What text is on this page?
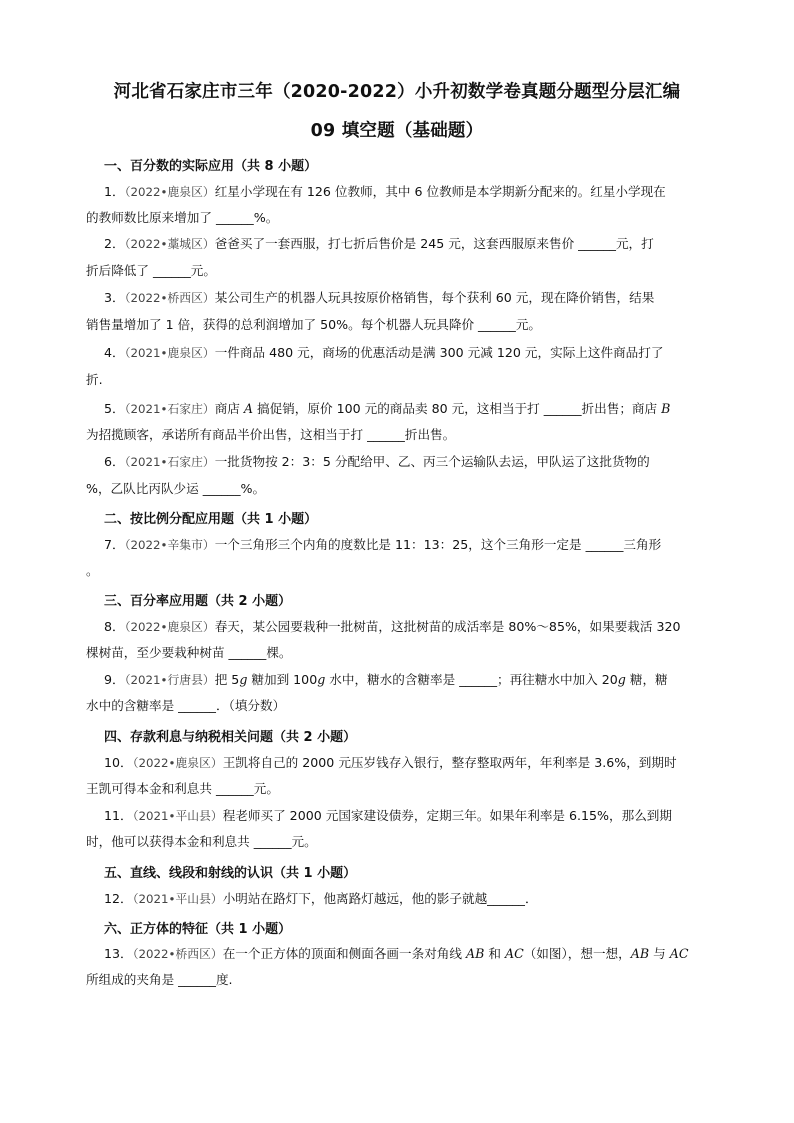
河北省石家庄市三年（2020-2022）小升初数学卷真题分题型分层汇编
09 填空题（基础题）
一、百分数的实际应用（共 8 小题）
1．（2022•鹿泉区）红星小学现在有 126 位教师，其中 6 位教师是本学期新分配来的。红星小学现在
的教师数比原来增加了 ______%。
2．（2022•藁城区）爸爸买了一套西服，打七折后售价是 245 元，这套西服原来售价 ______元，打
折后降低了 ______元。
3．（2022•桥西区）某公司生产的机器人玩具按原价格销售，每个获利 60 元，现在降价销售，结果
销售量增加了 1 倍，获得的总利润增加了 50%。每个机器人玩具降价 ______元。
4．（2021•鹿泉区）一件商品 480 元，商场的优惠活动是满 300 元减 120 元，实际上这件商品打了
折.
5．（2021•石家庄）商店 A 搞促销，原价 100 元的商品卖 80 元，这相当于打 ______折出售；商店 B
为招揽顾客，承诺所有商品半价出售，这相当于打 ______折出售。
6．（2021•石家庄）一批货物按 2：3：5 分配给甲、乙、丙三个运输队去运，甲队运了这批货物的
%，乙队比丙队少运 ______%。
二、按比例分配应用题（共 1 小题）
7．（2022•辛集市）一个三角形三个内角的度数比是 11：13：25，这个三角形一定是 ______三角形
。
三、百分率应用题（共 2 小题）
8．（2022•鹿泉区）春天，某公园要栽种一批树苗，这批树苗的成活率是 80%～85%，如果要栽活 320
棵树苗，至少要栽种树苗 ______棵。
9．（2021•行唐县）把 5g 糖加到 100g 水中，糖水的含糖率是 ______；再往糖水中加入 20g 糖，糖
水中的含糖率是 ______．（填分数）
四、存款利息与纳税相关问题（共 2 小题）
10．（2022•鹿泉区）王凯将自己的 2000 元压岁钱存入银行，整存整取两年，年利率是 3.6%，到期时
王凯可得本金和利息共 ______元。
11．（2021•平山县）程老师买了 2000 元国家建设债券，定期三年。如果年利率是 6.15%，那么到期
时，他可以获得本金和利息共 ______元。
五、直线、线段和射线的认识（共 1 小题）
12．（2021•平山县）小明站在路灯下，他离路灯越远，他的影子就越______．
六、正方体的特征（共 1 小题）
13．（2022•桥西区）在一个正方体的顶面和侧面各画一条对角线 AB 和 AC（如图），想一想，AB 与 AC
所组成的夹角是 ______度.
